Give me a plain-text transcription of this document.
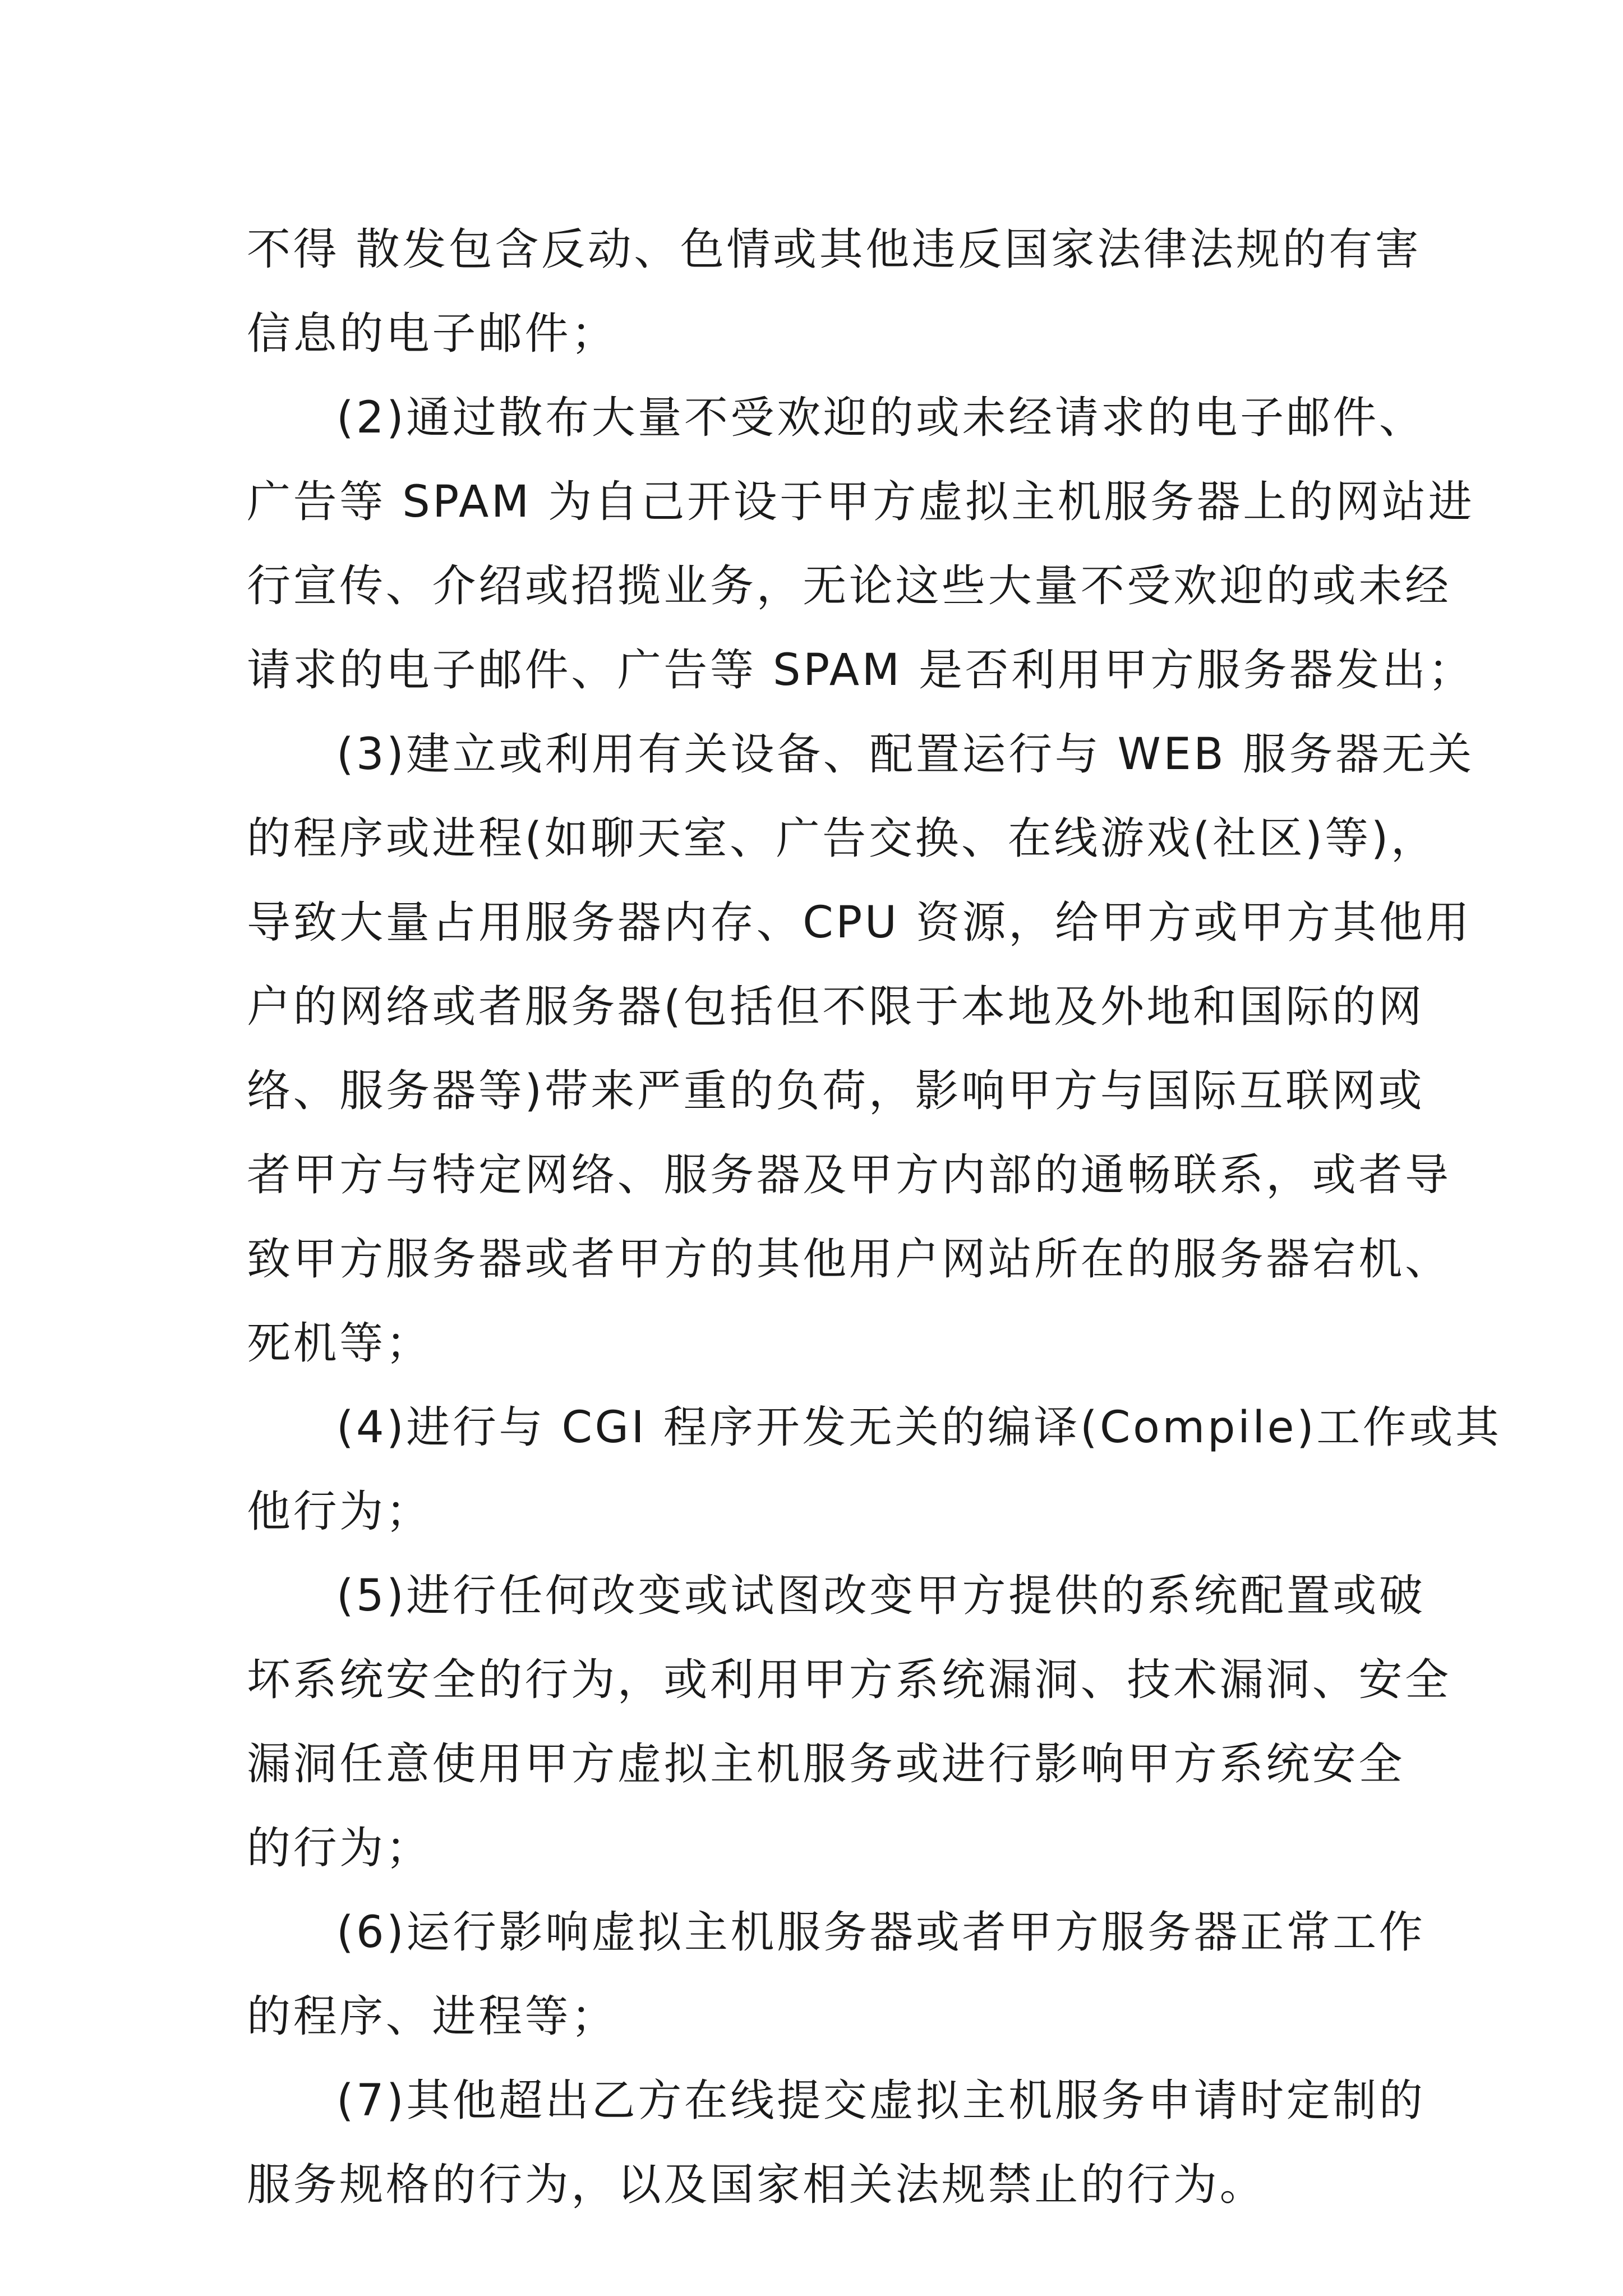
不得 散发包含反动、色情或其他违反国家法律法规的有害
信息的电子邮件；
(2)通过散布大量不受欢迎的或未经请求的电子邮件、
广告等 SPAM 为自己开设于甲方虚拟主机服务器上的网站进
行宣传、介绍或招揽业务，无论这些大量不受欢迎的或未经
请求的电子邮件、广告等 SPAM 是否利用甲方服务器发出；
(3)建立或利用有关设备、配置运行与 WEB 服务器无关
的程序或进程(如聊天室、广告交换、在线游戏(社区)等)，
导致大量占用服务器内存、CPU 资源，给甲方或甲方其他用
户的网络或者服务器(包括但不限于本地及外地和国际的网
络、服务器等)带来严重的负荷，影响甲方与国际互联网或
者甲方与特定网络、服务器及甲方内部的通畅联系，或者导
致甲方服务器或者甲方的其他用户网站所在的服务器宕机、
死机等；
(4)进行与 CGI 程序开发无关的编译(Compile)工作或其
他行为；
(5)进行任何改变或试图改变甲方提供的系统配置或破
坏系统安全的行为，或利用甲方系统漏洞、技术漏洞、安全
漏洞任意使用甲方虚拟主机服务或进行影响甲方系统安全
的行为；
(6)运行影响虚拟主机服务器或者甲方服务器正常工作
的程序、进程等；
(7)其他超出乙方在线提交虚拟主机服务申请时定制的
服务规格的行为，以及国家相关法规禁止的行为。
